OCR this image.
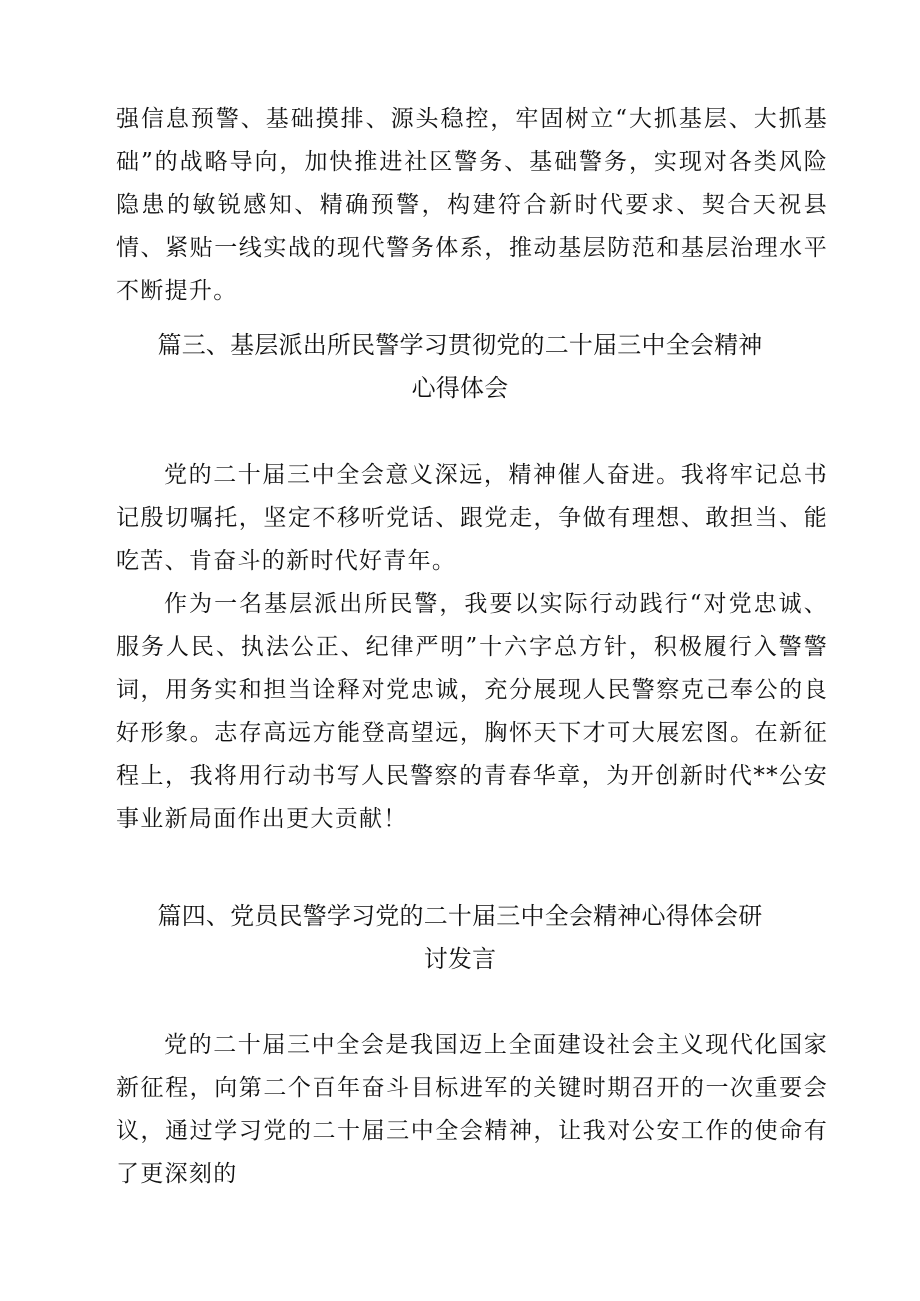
强信息预警、基础摸排、源头稳控，牢固树立“大抓基层、大抓基础”的战略导向，加快推进社区警务、基础警务，实现对各类风险隐患的敏锐感知、精确预警，构建符合新时代要求、契合天祝县情、紧贴一线实战的现代警务体系，推动基层防范和基层治理水平不断提升。

篇三、基层派出所民警学习贯彻党的二十届三中全会精神
心得体会

党的二十届三中全会意义深远，精神催人奋进。我将牢记总书记殷切嘱托，坚定不移听党话、跟党走，争做有理想、敢担当、能吃苦、肯奋斗的新时代好青年。

作为一名基层派出所民警，我要以实际行动践行“对党忠诚、服务人民、执法公正、纪律严明”十六字总方针，积极履行入警警词，用务实和担当诠释对党忠诚，充分展现人民警察克己奉公的良好形象。志存高远方能登高望远，胸怀天下才可大展宏图。在新征程上，我将用行动书写人民警察的青春华章，为开创新时代**公安事业新局面作出更大贡献！

篇四、党员民警学习党的二十届三中全会精神心得体会研
讨发言

党的二十届三中全会是我国迈上全面建设社会主义现代化国家新征程，向第二个百年奋斗目标进军的关键时期召开的一次重要会议，通过学习党的二十届三中全会精神，让我对公安工作的使命有了更深刻的
